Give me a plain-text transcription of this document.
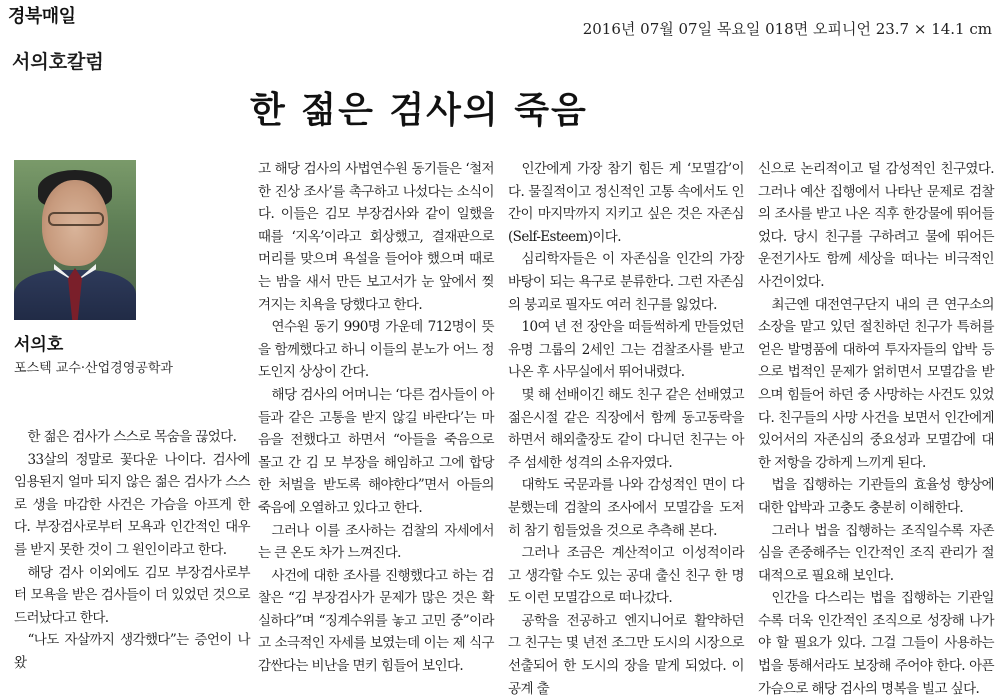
경북매일
2016년 07월 07일 목요일 018면 오피니언 23.7 × 14.1 cm
서의호칼럼
한 젊은 검사의 죽음
서의호
포스텍 교수·산업경영공학과

한 젊은 검사가 스스로 목숨을 끊었다.

33살의 정말로 꽃다운 나이다. 검사에 임용된지 얼마 되지 않은 젊은 검사가 스스로 생을 마감한 사건은 가슴을 아프게 한다. 부장검사로부터 모욕과 인간적인 대우를 받지 못한 것이 그 원인이라고 한다.

해당 검사 이외에도 김모 부장검사로부터 모욕을 받은 검사들이 더 있었던 것으로 드러났다고 한다.

“나도 자살까지 생각했다”는 증언이 나왔

고 해당 검사의 사법연수원 동기들은 ‘철저한 진상 조사’를 촉구하고 나섰다는 소식이다. 이들은 김모 부장검사와 같이 일했을 때를 ‘지옥’이라고 회상했고, 결재판으로 머리를 맞으며 욕설을 들어야 했으며 때로는 밤을 새서 만든 보고서가 눈 앞에서 찢겨지는 치욕을 당했다고 한다.

연수원 동기 990명 가운데 712명이 뜻을 함께했다고 하니 이들의 분노가 어느 정도인지 상상이 간다.

해당 검사의 어머니는 ‘다른 검사들이 아들과 같은 고통을 받지 않길 바란다’는 마음을 전했다고 하면서 “아들을 죽음으로 몰고 간 김 모 부장을 해임하고 그에 합당한 처벌을 받도록 해야한다”면서 아들의 죽음에 오열하고 있다고 한다.

그러나 이를 조사하는 검찰의 자세에서는 큰 온도 차가 느껴진다.

사건에 대한 조사를 진행했다고 하는 검찰은 “김 부장검사가 문제가 많은 것은 확실하다”며 “징계수위를 놓고 고민 중”이라고 소극적인 자세를 보였는데 이는 제 식구 감싼다는 비난을 면키 힘들어 보인다.

인간에게 가장 참기 힘든 게 ‘모멸감’이다. 물질적이고 정신적인 고통 속에서도 인간이 마지막까지 지키고 싶은 것은 자존심(Self-Esteem)이다.

심리학자들은 이 자존심을 인간의 가장 바탕이 되는 욕구로 분류한다. 그런 자존심의 붕괴로 필자도 여러 친구를 잃었다.

10여 년 전 장안을 떠들썩하게 만들었던 유명 그룹의 2세인 그는 검찰조사를 받고 나온 후 사무실에서 뛰어내렸다.

몇 해 선배이긴 해도 친구 같은 선배였고 젊은시절 같은 직장에서 함께 동고동락을 하면서 해외출장도 같이 다니던 친구는 아주 섬세한 성격의 소유자였다.

대학도 국문과를 나와 감성적인 면이 다분했는데 검찰의 조사에서 모멸감을 도저히 참기 힘들었을 것으로 추측해 본다.

그러나 조금은 계산적이고 이성적이라고 생각할 수도 있는 공대 출신 친구 한 명도 이런 모멸감으로 떠나갔다.

공학을 전공하고 엔지니어로 활약하던 그 친구는 몇 년전 조그만 도시의 시장으로 선출되어 한 도시의 장을 맡게 되었다. 이공계 출

신으로 논리적이고 덜 감성적인 친구였다. 그러나 예산 집행에서 나타난 문제로 검찰의 조사를 받고 나온 직후 한강물에 뛰어들었다. 당시 친구를 구하려고 물에 뛰어든 운전기사도 함께 세상을 떠나는 비극적인 사건이었다.

최근엔 대전연구단지 내의 큰 연구소의 소장을 맡고 있던 절친하던 친구가 특허를 얻은 발명품에 대하여 투자자들의 압박 등으로 법적인 문제가 얽히면서 모멸감을 받으며 힘들어 하던 중 사망하는 사건도 있었다. 친구들의 사망 사건을 보면서 인간에게 있어서의 자존심의 중요성과 모멸감에 대한 저항을 강하게 느끼게 된다.

법을 집행하는 기관들의 효율성 향상에 대한 압박과 고충도 충분히 이해한다.

그러나 법을 집행하는 조직일수록 자존심을 존중해주는 인간적인 조직 관리가 절대적으로 필요해 보인다.

인간을 다스리는 법을 집행하는 기관일수록 더욱 인간적인 조직으로 성장해 나가야 할 필요가 있다. 그걸 그들이 사용하는 법을 통해서라도 보장해 주어야 한다. 아픈 가슴으로 해당 검사의 명복을 빌고 싶다.
